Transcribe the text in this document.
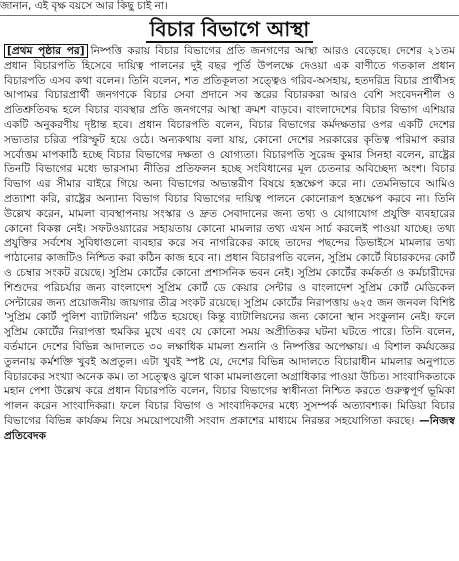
জানান, এই বৃক্ষ বয়সে আর কিছু চাই না।
বিচার বিভাগে আস্থা

[প্রথম পৃষ্ঠার পর] নিষ্পত্তি করায় বিচার বিভাগের প্রতি জনগণের আস্থা আরও বেড়েছে। দেশের ২১তম প্রধান বিচারপতি হিসেবে দায়িত্ব পালনের দুই বছর পূর্তি উপলক্ষে দেওয়া এক বাণীতে গতকাল প্রধান বিচারপতি এসব কথা বলেন। তিনি বলেন, শত প্রতিকূলতা সত্ত্বেও গরিব-অসহায়, হতদরিদ্র বিচার প্রার্থীসহ আপামর বিচারপ্রার্থী জনগণকে বিচার সেবা প্রদানে সব স্তরের বিচারকরা আরও বেশি সংবেদনশীল ও প্রতিশ্রুতিবদ্ধ হলে বিচার ব্যবস্থার প্রতি জনগণের আস্থা ক্রমশ বাড়বে। বাংলাদেশের বিচার বিভাগ এশিয়ার একটি অনুকরণীয় দৃষ্টান্ত হবে। প্রধান বিচারপতি বলেন, বিচার বিভাগের কর্মদক্ষতার ওপর একটি দেশের সভ্যতার চরিত্র পরিস্ফুট হয়ে ওঠে। অন্যকথায় বলা যায়, কোনো দেশের সরকারের কৃতিত্ব পরিমাপ করার সর্বোত্তম মাপকাঠি হচ্ছে বিচার বিভাগের দক্ষতা ও যোগ্যতা। বিচারপতি সুরেন্দ্র কুমার সিনহা বলেন, রাষ্ট্রের তিনটি বিভাগের মধ্যে ভারসাম্য নীতির প্রতিফলন হচ্ছে সংবিধানের মূল চেতনার অবিচ্ছেদ্য অংশ। বিচার বিভাগ এর সীমার বাইরে গিয়ে অন্য বিভাগের অভ্যন্তরীণ বিষয়ে হস্তক্ষেপ করে না। তেমনিভাবে আমিও প্রত্যাশা করি, রাষ্ট্রের অন্যান্য বিভাগ বিচার বিভাগের দায়িত্ব পালনে কোনোরূপ হস্তক্ষেপ করবে না। তিনি উল্লেখ করেন, মামলা ব্যবস্থাপনায় সংস্কার ও দ্রুত সেবাদানের জন্য তথ্য ও যোগাযোগ প্রযুক্তি ব্যবহারের কোনো বিকল্প নেই। সফটওয়্যারের সহায়তায় কোনো মামলার তথ্য এখন সার্চ করলেই পাওয়া যাচ্ছে। তথ্য প্রযুক্তির সর্বশেষ সুবিধাগুলো ব্যবহার করে সব নাগরিকের কাছে তাদের পছন্দের ডিভাইসে মামলার তথ্য পাঠানোর কাজটিও নিশ্চিত করা কঠিন কাজ হবে না। প্রধান বিচারপতি বলেন, সুপ্রিম কোর্টে বিচারকদের কোর্ট ও চেম্বার সংকট রয়েছে। সুপ্রিম কোর্টের কোনো প্রশাসনিক ভবন নেই। সুপ্রিম কোর্টের কর্মকর্তা ও কর্মচারীদের শিশুদের পরিচর্যার জন্য বাংলাদেশ সুপ্রিম কোর্ট ডে কেয়ার সেন্টার ও বাংলাদেশ সুপ্রিম কোর্ট মেডিকেল সেন্টারের জন্য প্রয়োজনীয় জায়গার তীব্র সংকট রয়েছে। সুপ্রিম কোর্টের নিরাপত্তায় ৬২৫ জন জনবল বিশিষ্ট 'সুপ্রিম কোর্ট পুলিশ ব্যাটালিয়ন' গঠিত হয়েছে। কিন্তু ব্যাটালিয়নের জন্য কোনো স্থান সংকুলান নেই। ফলে সুপ্রিম কোর্টের নিরাপত্তা হুমকির মুখে এবং যে কোনো সময় অপ্রীতিকর ঘটনা ঘটতে পারে। তিনি বলেন, বর্তমানে দেশের বিভিন্ন আদালতে ৩০ লক্ষাধিক মামলা শুনানি ও নিষ্পত্তির অপেক্ষায়। এ বিশাল কর্মযজ্ঞের তুলনায় কর্মশক্তি খুবই অপ্রতুল। এটা খুবই স্পষ্ট যে, দেশের বিভিন্ন আদালতে বিচারাধীন মামলার অনুপাতে বিচারকের সংখ্যা অনেক কম। তা সত্ত্বেও ঝুলে থাকা মামলাগুলো অগ্রাধিকার পাওয়া উচিত। সাংবাদিকতাকে মহান পেশা উল্লেখ করে প্রধান বিচারপতি বলেন, বিচার বিভাগের স্বাধীনতা নিশ্চিত করতে গুরুত্বপূর্ণ ভূমিকা পালন করেন সাংবাদিকরা। ফলে বিচার বিভাগ ও সাংবাদিকদের মধ্যে সুসম্পর্ক অত্যাবশ্যক। মিডিয়া বিচার বিভাগের বিভিন্ন কার্যক্রম নিয়ে সময়োপযোগী সংবাদ প্রকাশের মাধ্যমে নিরন্তর সহযোগিতা করছে। —নিজস্ব প্রতিবেদক
